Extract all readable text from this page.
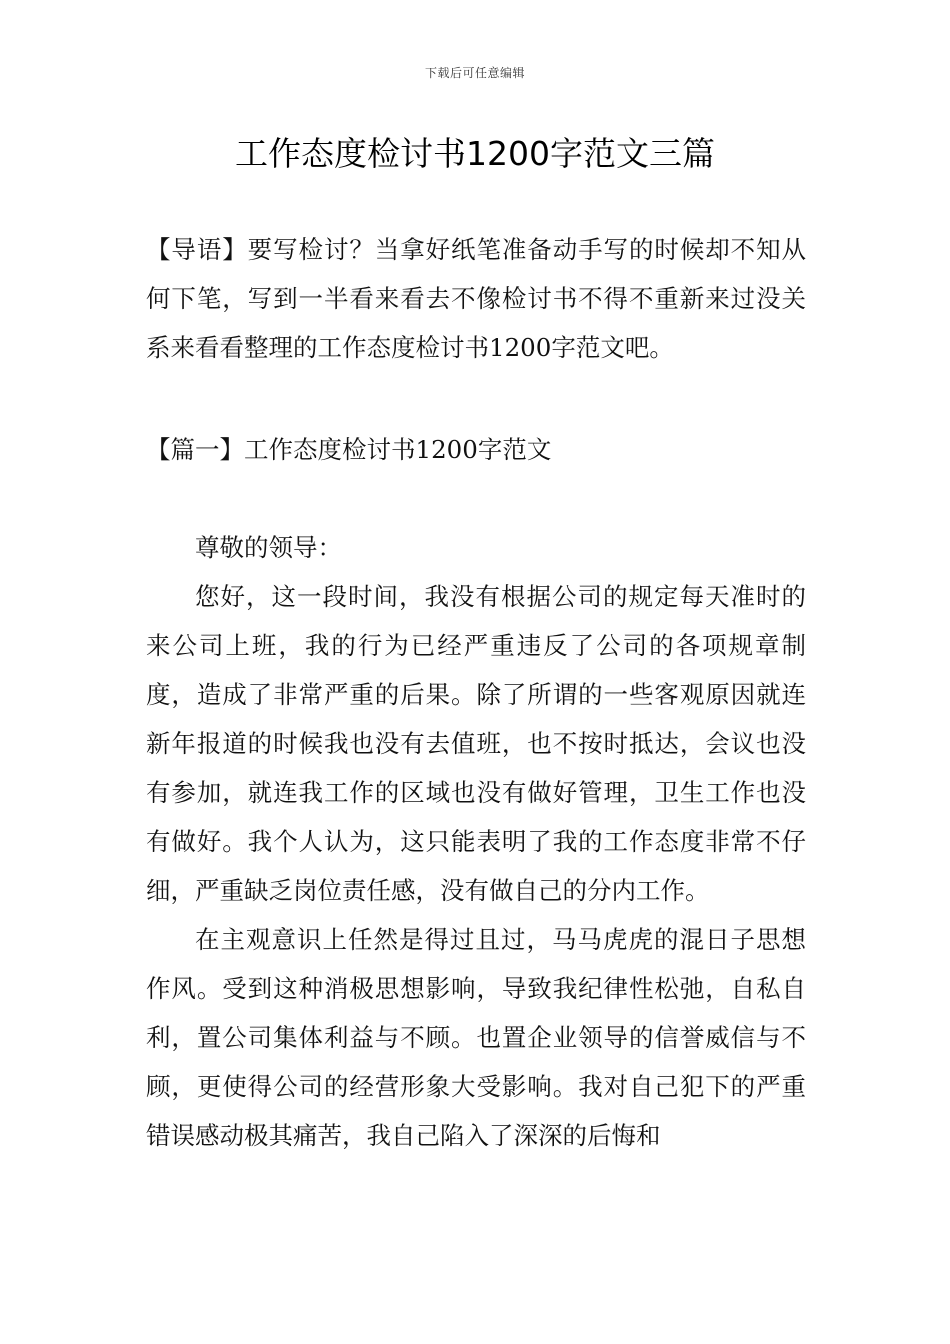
下载后可任意编辑
工作态度检讨书1200字范文三篇

【导语】要写检讨？当拿好纸笔准备动手写的时候却不知从何下笔，写到一半看来看去不像检讨书不得不重新来过没关系来看看整理的工作态度检讨书1200字范文吧。

【篇一】工作态度检讨书1200字范文

尊敬的领导：

您好，这一段时间，我没有根据公司的规定每天准时的来公司上班，我的行为已经严重违反了公司的各项规章制度，造成了非常严重的后果。除了所谓的一些客观原因就连新年报道的时候我也没有去值班，也不按时抵达，会议也没有参加，就连我工作的区域也没有做好管理，卫生工作也没有做好。我个人认为，这只能表明了我的工作态度非常不仔细，严重缺乏岗位责任感，没有做自己的分内工作。

在主观意识上任然是得过且过，马马虎虎的混日子思想作风。受到这种消极思想影响，导致我纪律性松弛，自私自利，置公司集体利益与不顾。也置企业领导的信誉威信与不顾，更使得公司的经营形象大受影响。我对自己犯下的严重错误感动极其痛苦，我自己陷入了深深的后悔和
